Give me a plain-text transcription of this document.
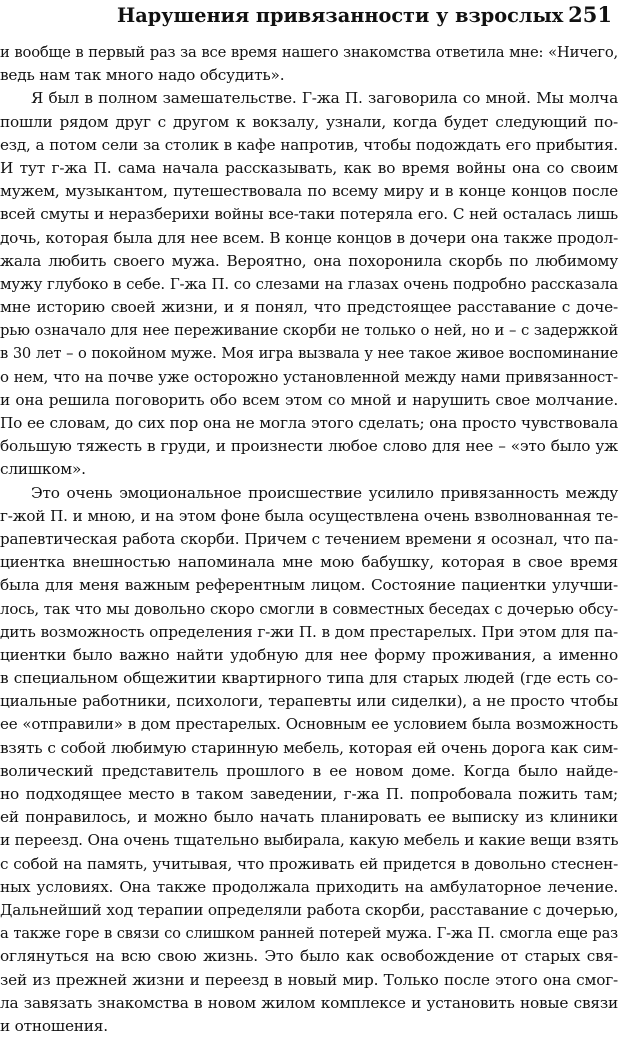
Нарушения привязанности у взрослых 251
и вообще в первый раз за все время нашего знакомства ответила мне: «Ничего,
ведь нам так много надо обсудить».
Я был в полном замешательстве. Г-жа П. заговорила со мной. Мы молча
пошли рядом друг с другом к вокзалу, узнали, когда будет следующий по-
езд, а потом сели за столик в кафе напротив, чтобы подождать его прибытия.
И тут г-жа П. сама начала рассказывать, как во время войны она со своим
мужем, музыкантом, путешествовала по всему миру и в конце концов после
всей смуты и неразберихи войны все-таки потеряла его. С ней осталась лишь
дочь, которая была для нее всем. В конце концов в дочери она также продол-
жала любить своего мужа. Вероятно, она похоронила скорбь по любимому
мужу глубоко в себе. Г-жа П. со слезами на глазах очень подробно рассказала
мне историю своей жизни, и я понял, что предстоящее расставание с доче-
рью означало для нее переживание скорби не только о ней, но и – с задержкой
в 30 лет – о покойном муже. Моя игра вызвала у нее такое живое воспоминание
о нем, что на почве уже осторожно установленной между нами привязанност-
и она решила поговорить обо всем этом со мной и нарушить свое молчание.
По ее словам, до сих пор она не могла этого сделать; она просто чувствовала
большую тяжесть в груди, и произнести любое слово для нее – «это было уж
слишком».
Это очень эмоциональное происшествие усилило привязанность между
г-жой П. и мною, и на этом фоне была осуществлена очень взволнованная те-
рапевтическая работа скорби. Причем с течением времени я осознал, что па-
циентка внешностью напоминала мне мою бабушку, которая в свое время
была для меня важным референтным лицом. Состояние пациентки улучши-
лось, так что мы довольно скоро смогли в совместных беседах с дочерью обсу-
дить возможность определения г-жи П. в дом престарелых. При этом для па-
циентки было важно найти удобную для нее форму проживания, а именно
в специальном общежитии квартирного типа для старых людей (где есть со-
циальные работники, психологи, терапевты или сиделки), а не просто чтобы
ее «отправили» в дом престарелых. Основным ее условием была возможность
взять с собой любимую старинную мебель, которая ей очень дорога как сим-
волический представитель прошлого в ее новом доме. Когда было найде-
но подходящее место в таком заведении, г-жа П. попробовала пожить там;
ей понравилось, и можно было начать планировать ее выписку из клиники
и переезд. Она очень тщательно выбирала, какую мебель и какие вещи взять
с собой на память, учитывая, что проживать ей придется в довольно стеснен-
ных условиях. Она также продолжала приходить на амбулаторное лечение.
Дальнейший ход терапии определяли работа скорби, расставание с дочерью,
а также горе в связи со слишком ранней потерей мужа. Г-жа П. смогла еще раз
оглянуться на всю свою жизнь. Это было как освобождение от старых свя-
зей из прежней жизни и переезд в новый мир. Только после этого она смог-
ла завязать знакомства в новом жилом комплексе и установить новые связи
и отношения.
